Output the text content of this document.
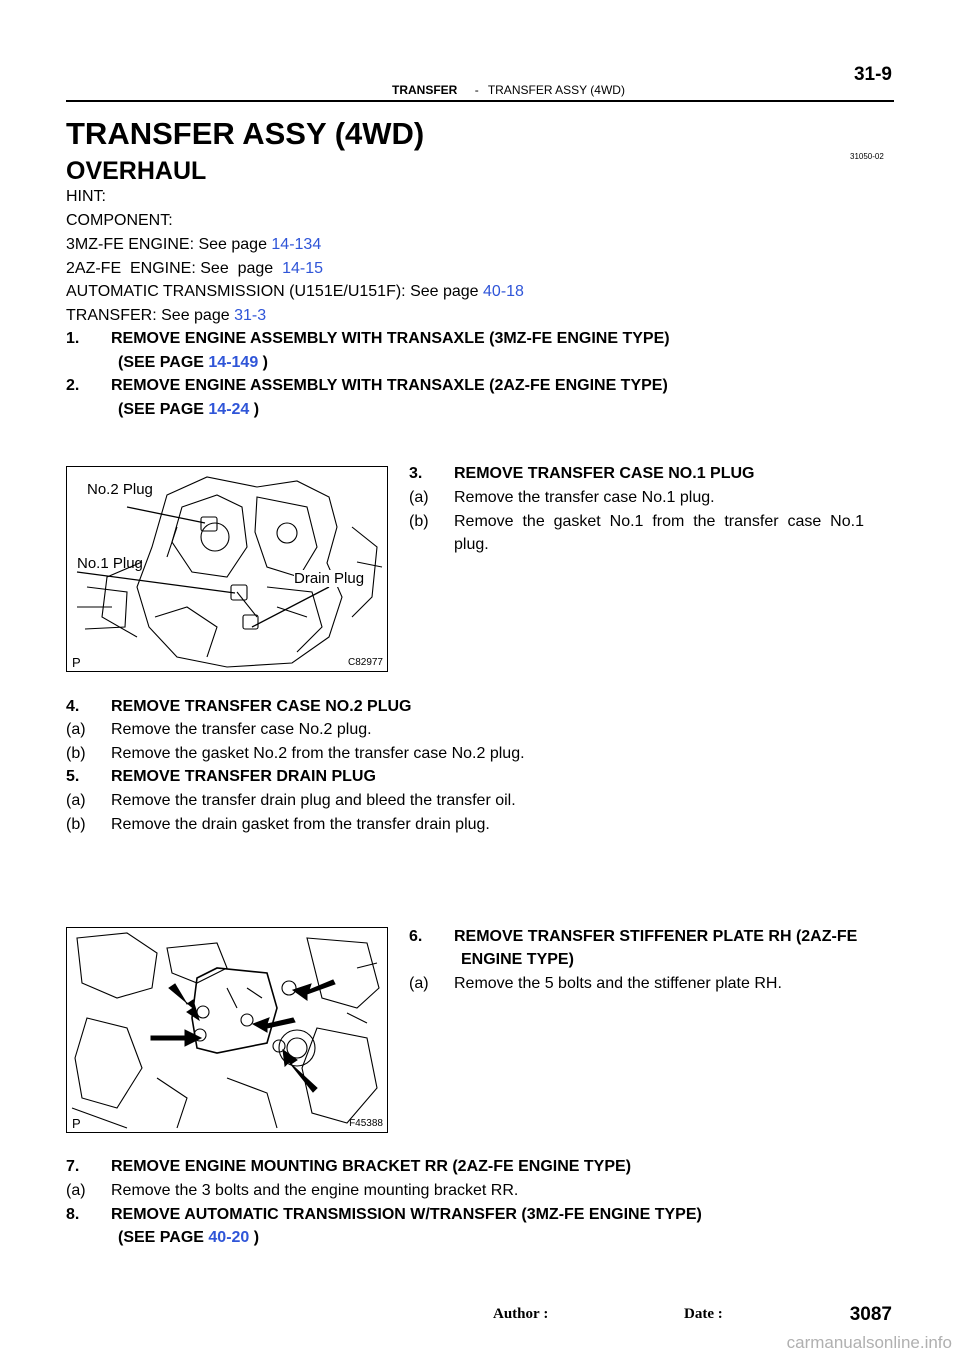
31-9
TRANSFER - TRANSFER ASSY (4WD)
TRANSFER ASSY (4WD)
31050-02
OVERHAUL
HINT:
COMPONENT:
3MZ-FE ENGINE: See page 14-134
2AZ-FE  ENGINE: See  page  14-15
AUTOMATIC TRANSMISSION (U151E/U151F): See page 40-18
TRANSFER: See page 31-3
1. REMOVE ENGINE ASSEMBLY WITH TRANSAXLE (3MZ-FE ENGINE TYPE)
(SEE PAGE 14-149 )
2. REMOVE ENGINE ASSEMBLY WITH TRANSAXLE (2AZ-FE ENGINE TYPE)
(SEE PAGE 14-24 )
No.2 Plug
No.1 Plug
Drain Plug
P	C82977
3. REMOVE TRANSFER CASE NO.1 PLUG
(a) Remove the transfer case No.1 plug.
(b) Remove  the  gasket  No.1  from  the  transfer  case  No.1
plug.
4. REMOVE TRANSFER CASE NO.2 PLUG
(a) Remove the transfer case No.2 plug.
(b) Remove the gasket No.2 from the transfer case No.2 plug.
5. REMOVE TRANSFER DRAIN PLUG
(a) Remove the transfer drain plug and bleed the transfer oil.
(b) Remove the drain gasket from the transfer drain plug.
P	F45388
6. REMOVE TRANSFER STIFFENER PLATE RH (2AZ-FE
ENGINE TYPE)
(a) Remove the 5 bolts and the stiffener plate RH.
7. REMOVE ENGINE MOUNTING BRACKET RR (2AZ-FE ENGINE TYPE)
(a) Remove the 3 bolts and the engine mounting bracket RR.
8. REMOVE AUTOMATIC TRANSMISSION W/TRANSFER (3MZ-FE ENGINE TYPE)
(SEE PAGE 40-20 )
Author :	Date :	3087
carmanualsonline.info
